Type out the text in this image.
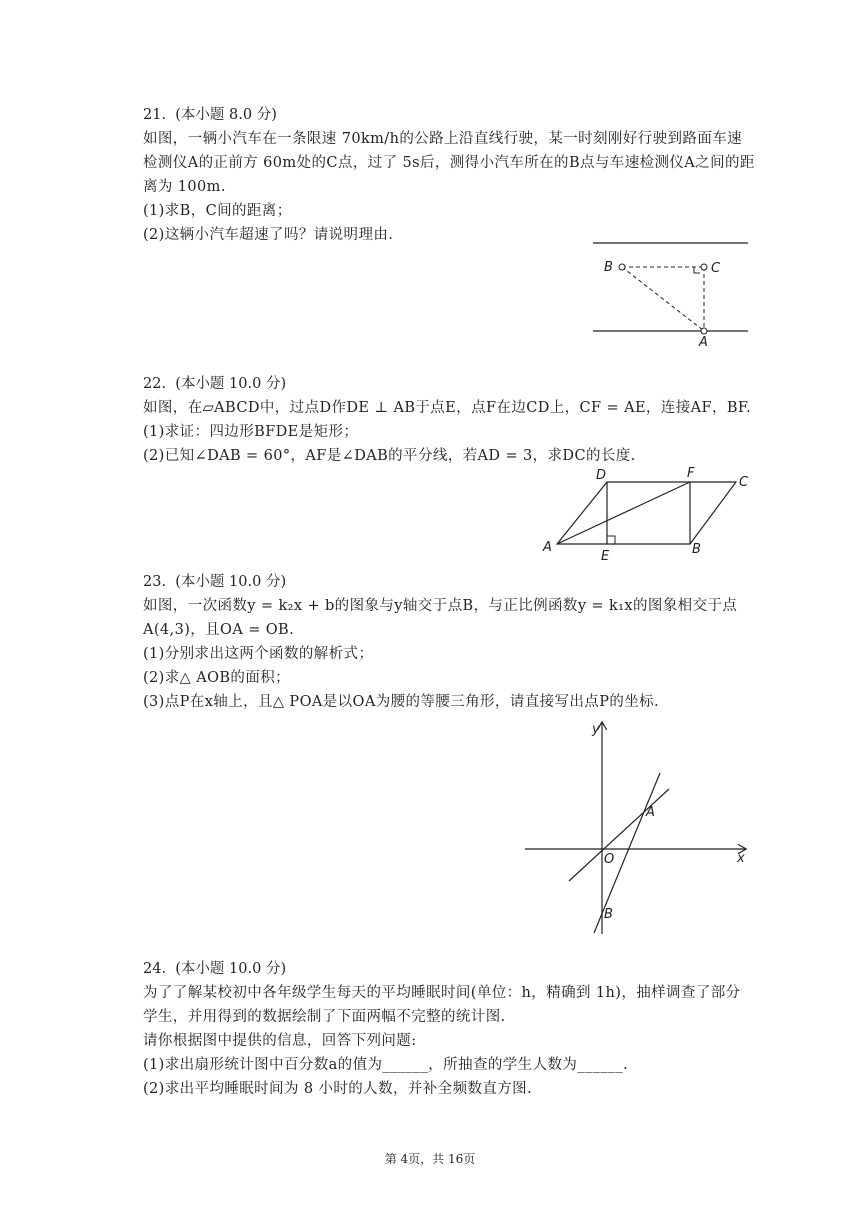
21.  (本小题 8.0 分)
如图，一辆小汽车在一条限速 70km/h的公路上沿直线行驶，某一时刻刚好行驶到路面车速
检测仪A的正前方 60m处的C点，过了 5s后，测得小汽车所在的B点与车速检测仪A之间的距
离为 100m.
(1)求B，C间的距离；
(2)这辆小汽车超速了吗？请说明理由.
B	C
A
22.  (本小题 10.0 分)
如图，在▱ABCD中，过点D作DE ⊥ AB于点E，点F在边CD上，CF = AE，连接AF，BF.
(1)求证：四边形BFDE是矩形；
(2)已知∠DAB = 60°，AF是∠DAB的平分线，若AD = 3，求DC的长度.
D	F
C
A
E	B
23.  (本小题 10.0 分)
如图，一次函数y = k₂x + b的图象与y轴交于点B，与正比例函数y = k₁x的图象相交于点
A(4,3)，且OA = OB.
(1)分别求出这两个函数的解析式；
(2)求△ AOB的面积；
(3)点P在x轴上，且△ POA是以OA为腰的等腰三角形，请直接写出点P的坐标.
y
x
O
A
B
24.  (本小题 10.0 分)
为了了解某校初中各年级学生每天的平均睡眠时间(单位：h，精确到 1h)，抽样调查了部分
学生，并用得到的数据绘制了下面两幅不完整的统计图.
请你根据图中提供的信息，回答下列问题:
(1)求出扇形统计图中百分数a的值为______，所抽查的学生人数为______.
(2)求出平均睡眠时间为 8 小时的人数，并补全频数直方图.
第 4页，共 16页
